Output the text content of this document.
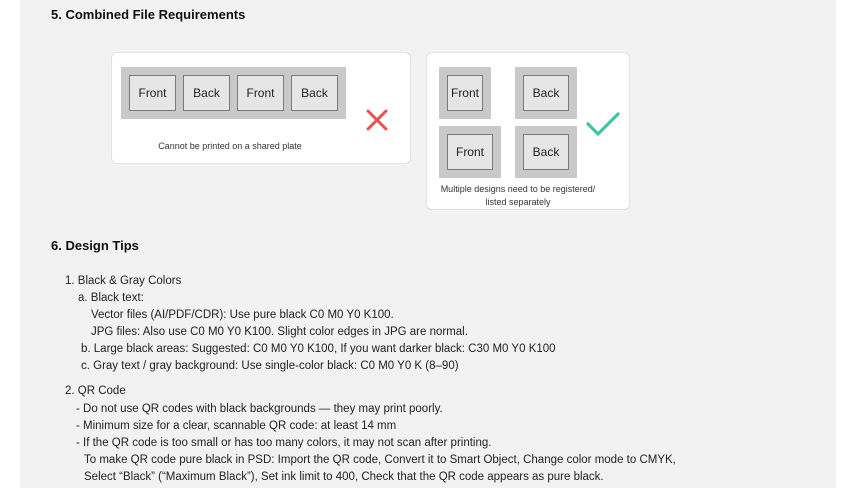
5. Combined File Requirements
Front	Back	Front	Back
Cannot be printed on a shared plate
Front	Back
Front	Back
Multiple designs need to be registered/
listed separately
6. Design Tips
1. Black & Gray Colors
a. Black text:
Vector files (AI/PDF/CDR): Use pure black C0 M0 Y0 K100.
JPG files: Also use C0 M0 Y0 K100. Slight color edges in JPG are normal.
b. Large black areas: Suggested: C0 M0 Y0 K100, If you want darker black: C30 M0 Y0 K100
c. Gray text / gray background: Use single-color black: C0 M0 Y0 K (8–90)
2. QR Code
- Do not use QR codes with black backgrounds — they may print poorly.
- Minimum size for a clear, scannable QR code: at least 14 mm
- If the QR code is too small or has too many colors, it may not scan after printing.
To make QR code pure black in PSD: Import the QR code, Convert it to Smart Object, Change color mode to CMYK,
Select “Black” (“Maximum Black”), Set ink limit to 400, Check that the QR code appears as pure black.
